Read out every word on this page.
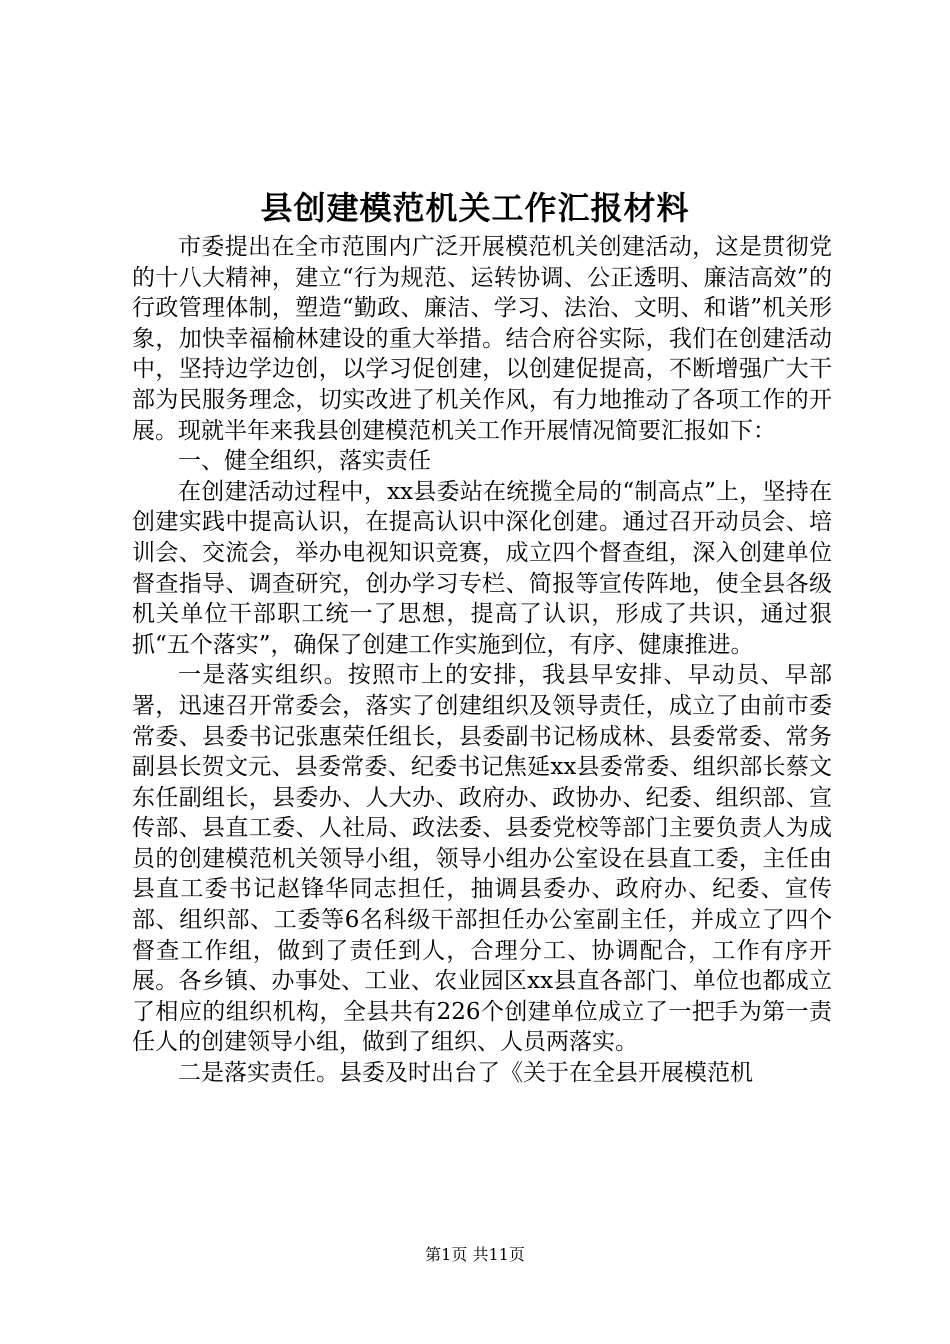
县创建模范机关工作汇报材料

市委提出在全市范围内广泛开展模范机关创建活动，这是贯彻党的十八大精神，建立“行为规范、运转协调、公正透明、廉洁高效”的行政管理体制，塑造“勤政、廉洁、学习、法治、文明、和谐”机关形象，加快幸福榆林建设的重大举措。结合府谷实际，我们在创建活动中，坚持边学边创，以学习促创建，以创建促提高，不断增强广大干部为民服务理念，切实改进了机关作风，有力地推动了各项工作的开展。现就半年来我县创建模范机关工作开展情况简要汇报如下：

一、健全组织，落实责任

在创建活动过程中，xx县委站在统揽全局的“制高点”上，坚持在创建实践中提高认识，在提高认识中深化创建。通过召开动员会、培训会、交流会，举办电视知识竞赛，成立四个督查组，深入创建单位督查指导、调查研究，创办学习专栏、简报等宣传阵地，使全县各级机关单位干部职工统一了思想，提高了认识，形成了共识，通过狠抓“五个落实”，确保了创建工作实施到位，有序、健康推进。

一是落实组织。按照市上的安排，我县早安排、早动员、早部署，迅速召开常委会，落实了创建组织及领导责任，成立了由前市委常委、县委书记张惠荣任组长，县委副书记杨成林、县委常委、常务副县长贺文元、县委常委、纪委书记焦延xx县委常委、组织部长蔡文东任副组长，县委办、人大办、政府办、政协办、纪委、组织部、宣传部、县直工委、人社局、政法委、县委党校等部门主要负责人为成员的创建模范机关领导小组，领导小组办公室设在县直工委，主任由县直工委书记赵锋华同志担任，抽调县委办、政府办、纪委、宣传部、组织部、工委等6名科级干部担任办公室副主任，并成立了四个督查工作组，做到了责任到人，合理分工、协调配合，工作有序开展。各乡镇、办事处、工业、农业园区xx县直各部门、单位也都成立了相应的组织机构，全县共有226个创建单位成立了一把手为第一责任人的创建领导小组，做到了组织、人员两落实。

二是落实责任。县委及时出台了《关于在全县开展模范机

第1页 共11页
